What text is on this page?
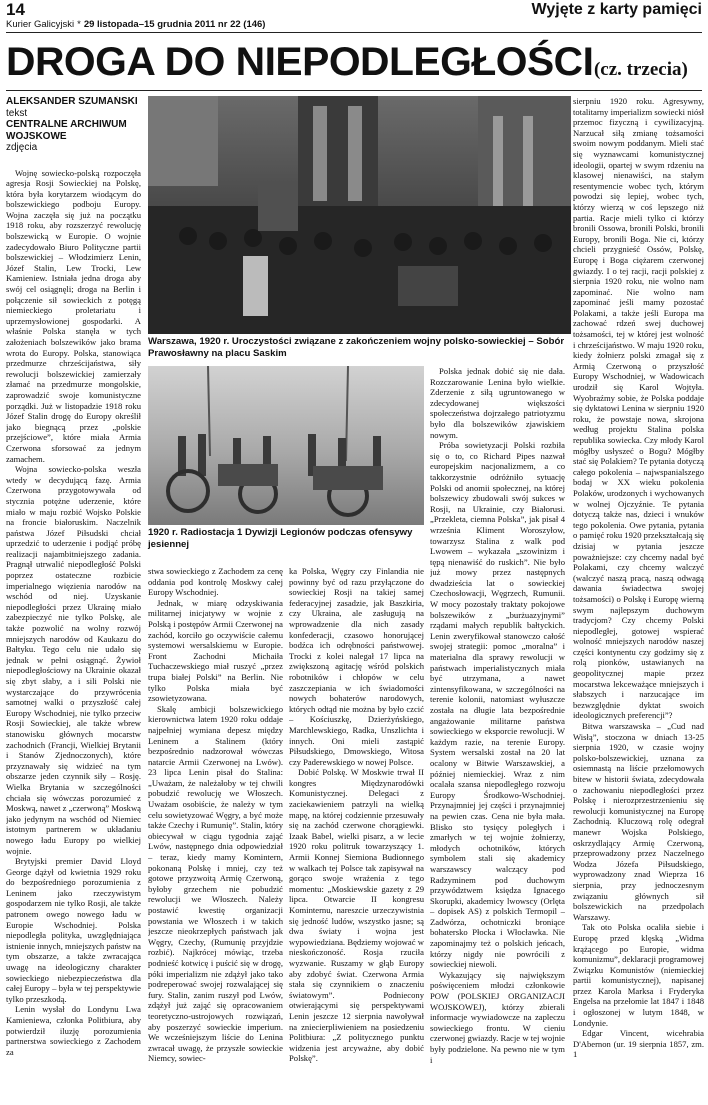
14
Kurier Galicyjski * 29 listopada–15 grudnia 2011 nr 22 (146)
Wyjęte z karty pamięci
DROGA DO NIEPODLEGŁOŚCI(cz. trzecia)
ALEKSANDER SZUMAŃSKI
tekst
CENTRALNE ARCHIWUM WOJSKOWE
zdjęcia

Wojnę sowiecko-polską rozpoczęła agresja Rosji Sowieckiej na Polskę, która była korytarzem wiodącym do bolszewickiego podboju Europy. Wojna zaczęła się już na początku 1918 roku, aby rozszerzyć rewolucję bolszewicką w Europie. O wojnie zadecydowało Biuro Polityczne partii bolszewickiej – Włodzimierz Lenin, Józef Stalin, Lew Trocki, Lew Kamieniew. Istniała jedna droga aby swój cel osiągnęli; droga na Berlin i połączenie sił sowieckich z potęgą niemieckiego proletariatu i uprzemysłowionej gospodarki. A właśnie Polska stanęła w tych założeniach bolszewików jako brama wrota do Europy. Polska, stanowiąca przedmurze chrześcijaństwa, siły rewolucji bolszewickiej zamierzały złamać na przedmurze mongolskie, zaprowadzić swoje komunistyczne porządki. Już w listopadzie 1918 roku Józef Stalin drogę do Europy określił jako biegnącą przez „polskie przejściowe”, które miała Armia Czerwona sforsować za jednym zamachem.

Wojna sowiecko-polska weszła wtedy w decydującą fazę. Armia Czerwona przygotowywała od stycznia potężne uderzenie, które miało w maju rozbić Wojsko Polskie na froncie białoruskim. Naczelnik państwa Józef Piłsudski chciał uprzedzić to uderzenie i podjąć próbę realizacji najambitniejszego zadania. Pragnął utrwalić niepodległość Polski poprzez ostateczne rozbicie imperialnego więzienia narodów na wschód od niej. Uzyskanie niepodległości przez Ukrainę miało zabezpieczyć nie tylko Polskę, ale także pozwolić na wolny rozwój mniejszych narodów od Kaukazu do Bałtyku. Tego celu nie udało się jednak w pełni osiągnąć. Żywioł niepodległościowy na Ukrainie okazał się zbyt słaby, a i sili Polski nie wystarczające do przywrócenia samotnej walki o przyszłość całej Europy Wschodniej, nie tylko przeciw Rosji Sowieckiej, ale także wbrew stanowisku głównych mocarstw zachodnich (Francji, Wielkiej Brytanii i Stanów Zjednoczonych), które przyznawały się widzieć na tym obszarze jeden czynnik siły – Rosję. Wielka Brytania w szczególności chciała się wówczas porozumieć z Moskwą, nawet z „czerwoną” Moskwą jako jedynym na wschód od Niemiec istotnym partnerem w układaniu nowego ładu Europy po wielkiej wojnie.

Brytyjski premier David Lloyd George dążył od kwietnia 1929 roku do bezpośredniego porozumienia z Leninem jako rzeczywistym gospodarzem nie tylko Rosji, ale także patronem owego nowego ładu w Europie Wschodniej. Polska niepodległa polityka, uwzględniająca istnienie innych, mniejszych państw na tym obszarze, a także zwracająca uwagę na ideologiczny charakter sowieckiego niebezpieczeństwa dla całej Europy – była w tej perspektywie tylko przeszkodą.

Lenin wysłał do Londynu Lwa Kamieniewa, członka Politbiura, aby potwierdził iluzję porozumienia partnerstwa sowieckiego z Zachodem za

Warszawa, 1920 r. Uroczystości związane z zakończeniem wojny polsko-sowieckiej – Sobór Prawosławny na placu Saskim
1920 r. Radiostacja 1 Dywizji Legionów podczas ofensywy jesiennej

stwa sowieckiego z Zachodem za cenę oddania pod kontrolę Moskwy całej Europy Wschodniej.

Jednak, w miarę odzyskiwania militarnej inicjatywy w wojnie z Polską i postępów Armii Czerwonej na zachód, korciło go oczywiście całemu systemowi wersalskiemu w Europie. Front Zachodni Michaiła Tuchaczewskiego miał ruszyć „przez trupa białej Polski” na Berlin. Nie tylko Polska miała być zsowietyzowana.

Skalę ambicji bolszewickiego kierownictwa latem 1920 roku oddaje najpełniej wymiana depesz między Leninem a Stalinem (który bezpośrednio nadzorował wówczas natarcie Armii Czerwonej na Lwów). 23 lipca Lenin pisał do Stalina: „Uważam, że należałoby w tej chwili pobudzić rewolucję we Włoszech. Uważam osobiście, że należy w tym celu sowietyzować Węgry, a być może także Czechy i Rumunię”. Stalin, który obiecywał w ciągu tygodnia zająć Lwów, następnego dnia odpowiedział – teraz, kiedy mamy Komintern, pokonaną Polskę i mniej, czy też gotowe przyzwoitą Armię Czerwoną, byłoby grzechem nie pobudzić rewolucji we Włoszech. Należy postawić kwestię organizacji powstania we Włoszech i w takich jeszcze nieokrzepłych państwach jak Węgry, Czechy, (Rumunię przyjdzie rozbić). Najkrócej mówiąc, trzeba podnieść kotwicę i puścić się w drogę, póki imperializm nie zdążył jako tako podreperować swojej rozwalającej się fury. Stalin, zanim ruszył pod Lwów, zdążył już zająć się opracowaniem teoretyczno-ustrojowych rozwiązań, aby poszerzyć sowieckie imperium. We wcześniejszym liście do Lenina zwracał uwagę, że przyszłe sowieckie Niemcy, sowiec-

ka Polska, Węgry czy Finlandia nie powinny być od razu przyłączone do sowieckiej Rosji na takiej samej federacyjnej zasadzie, jak Baszkiria, czy Ukraina, ale zasługują na wprowadzenie dla nich zasady konfederacji, czasowo honorującej bodźca ich odrębności państwowej. Trocki z kolei nalegał 17 lipca na zwiększoną agitację wśród polskich robotników i chłopów w celu zaszczepiania w ich świadomości nowych bohaterów narodowych, których odtąd nie można by było czcić – Kościuszkę, Dzierżyńskiego, Marchlewskiego, Radka, Unszlichta i innych. Oni mieli zastąpić Piłsudskiego, Dmowskiego, Witosa czy Paderewskiego w nowej Polsce.

Dobić Polskę. W Moskwie trwał II kongres Międzynarodówki Komunistycznej. Delegaci z zaciekawieniem patrzyli na wielką mapę, na której codziennie przesuwały się na zachód czerwone chorągiewki. Izaak Babel, wielki pisarz, a w lecie 1920 roku politruk towarzyszący 1. Armii Konnej Siemiona Budionnego w walkach tej Polsce tak zapisywał na gorąco swoje wrażenia z tego momentu: „Moskiewskie gazety z 29 lipca. Otwarcie II kongresu Kominternu, nareszcie urzeczywistnia się jedność ludów, wszystko jasne; są dwa światy i wojna jest wypowiedziana. Będziemy wojować w nieskończoność. Rosja rzuciła wyzwanie. Ruszamy w głąb Europy aby zdobyć świat. Czerwona Armia stała się czynnikiem o znaczeniu światowym”. Podniecony otwierającymi się perspektywami Lenin jeszcze 12 sierpnia nawoływał na zniecierpliwieniem na posiedzeniu Politbiura: „Z politycznego punktu widzenia jest arcyważne, aby dobić Polskę”.

Polska jednak dobić się nie dała. Rozczarowanie Lenina było wielkie. Zderzenie z siłą ugruntowanego w zdecydowanej większości społeczeństwa dojrzałego patriotyzmu było dla bolszewików zjawiskiem nowym.

Próba sowietyzacji Polski rozbiła się o to, co Richard Pipes nazwał europejskim nacjonalizmem, a co takkorzystnie odróżniło sytuację Polski od anomii społecznej, na której bolszewicy zbudowali swój sukces w Rosji, na Ukrainie, czy Białorusi. „Przekleta, ciemna Polska”, jak pisał 4 września Kliment Woroszyłow, towarzysz Stalina z walk pod Lwowem – wykazała „szowinizm i tępą nienawiść do ruskich”. Nie było już mowy przez następnych dwadzieścia lat o sowieckiej Czechosłowacji, Węgrzech, Rumunii. W mocy pozostały traktaty pokojowe bolszewików z „burżuazyjnymi” rządami małych republik bałtyckich. Lenin zweryfikował stanowczo całość swojej strategii: pomoc „moralna” i materialna dla sprawy rewolucji w państwach imperialistycznych miała być utrzymana, a nawet zintensyfikowana, w szczególności na terenie kolonii, natomiast wyłuszcze została na długie lata bezpośrednie angażowanie militarne państwa sowieckiego w eksporcie rewolucji. W każdym razie, na terenie Europy. System wersalski został na 20 lat ocalony w Bitwie Warszawskiej, a później niemieckiej. Wraz z nim ocalała szansa niepodległego rozwoju Europy Środkowo-Wschodniej. Przynajmniej jej części i przynajmniej na pewien czas. Cena nie była mała. Blisko sto tysięcy poległych i zmarłych w tej wojnie żołnierzy, młodych ochotników, których symbolem stali się akademicy warszawscy walczący pod Radzyminem pod duchowym przywództwem księdza Ignacego Skorupki, akademicy lwowscy (Orlęta – dopisek AS) z polskich Termopil – Zadwórza, ochotniczki broniące bohatersko Płocka i Włocławka. Nie zapominajmy też o polskich jeńcach, którzy nigdy nie powrócili z sowieckiej niewoli.

Wykazujący się największym poświęceniem młodzi członkowie POW (POLSKIEJ ORGANIZACJI WOJSKOWEJ), którzy zbierali informacje wywiadowcze na zapleczu sowieckiego frontu. W cieniu czerwonej gwiazdy. Racje w tej wojnie były podzielone. Na pewno nie w tym i

sierpniu 1920 roku. Agresywny, totalitarny imperializm sowiecki niósł przemoc fizyczną i cywilizacyjną. Narzucał siłą zmianę tożsamości swoim nowym poddanym. Mieli stać się wyznawcami komunistycznej ideologii, opartej w swym rdzeniu na klasowej nienawiści, na stałym resentymencie wobec tych, którym powodzi się lepiej, wobec tych, którzy wierzą w coś lepszego niż partia. Racje mieli tylko ci którzy bronili Ossowa, bronili Polski, bronili Europy, bronili Boga. Nie ci, którzy chcieli przygnieść Ossów, Polskę, Europę i Boga ciężarem czerwonej gwiazdy. I o tej racji, racji polskiej z sierpnia 1920 roku, nie wolno nam zapominać. Nie wolno nam zapominać jeśli mamy pozostać Polakami, a także jeśli Europa ma zachować rdzeń swej duchowej tożsamości, tej w której jest wolność i chrześcijaństwo. W maju 1920 roku, kiedy żołnierz polski zmagał się z Armią Czerwoną o przyszłość Europy Wschodniej, w Wadowicach urodził się Karol Wojtyła. Wyobraźmy sobie, że Polska poddaje się dyktatowi Lenina w sierpniu 1920 roku, że powstaje nowa, skrojona według projektu Stalina polska republika sowiecka. Czy młody Karol mógłby usłyszeć o Bogu? Mógłby stać się Polakiem? Te pytania dotyczą całego pokolenia – najwspanialszego bodaj w XX wieku pokolenia Polaków, urodzonych i wychowanych w wolnej Ojczyźnie. Te pytania dotyczą także nas, dzieci i wnuków tego pokolenia. Owe pytania, pytania o pamięć roku 1920 przekształcają się dzisiaj w pytania jeszcze poważniejsze: czy chcemy nadal być Polakami, czy chcemy walczyć (walczyć naszą pracą, naszą odwagą dawania świadectwa swojej tożsamości) o Polskę i Europę wierną swym najlepszym duchowym tradycjom? Czy chcemy Polski niepodległej, gotowej wspierać wolność mniejszych narodów naszej części kontynentu czy godzimy się z rolą pionków, ustawianych na geopolitycznej mapie przez mocarstwa lekceważące mniejszych i słabszych i narzucające im bezwzględnie dyktat swoich ideologicznych preferencji”?

Bitwa warszawska – „Cud nad Wisłą”, stoczona w dniach 13-25 sierpnia 1920, w czasie wojny polsko-bolszewickiej, uznana za osiemnastą na liście przełomowych bitew w historii świata, zdecydowała o zachowaniu niepodległości przez Polskę i nierozprzestrzenieniu się rewolucji komunistycznej na Europę Zachodnią. Kluczową rolę odegrał manewr Wojska Polskiego, oskrzydlający Armię Czerwoną, przeprowadzony przez Naczelnego Wodza Józefa Piłsudskiego, wyprowadzony znad Wieprza 16 sierpnia, przy jednoczesnym związaniu głównych sił bolszewickich na przedpolach Warszawy.

Tak oto Polska ocaliła siebie i Europę przed klęską „Widma krążącego po Europie, widma komunizmu”, deklaracji programowej Związku Komunistów (niemieckiej partii komunistycznej), napisanej przez Karola Marksa i Fryderyka Engelsa na przełomie lat 1847 i 1848 i ogłoszonej w lutym 1848, w Londynie.

Edgar Vincent, wicehrabia D'Abernon (ur. 19 sierpnia 1857, zm. 1
